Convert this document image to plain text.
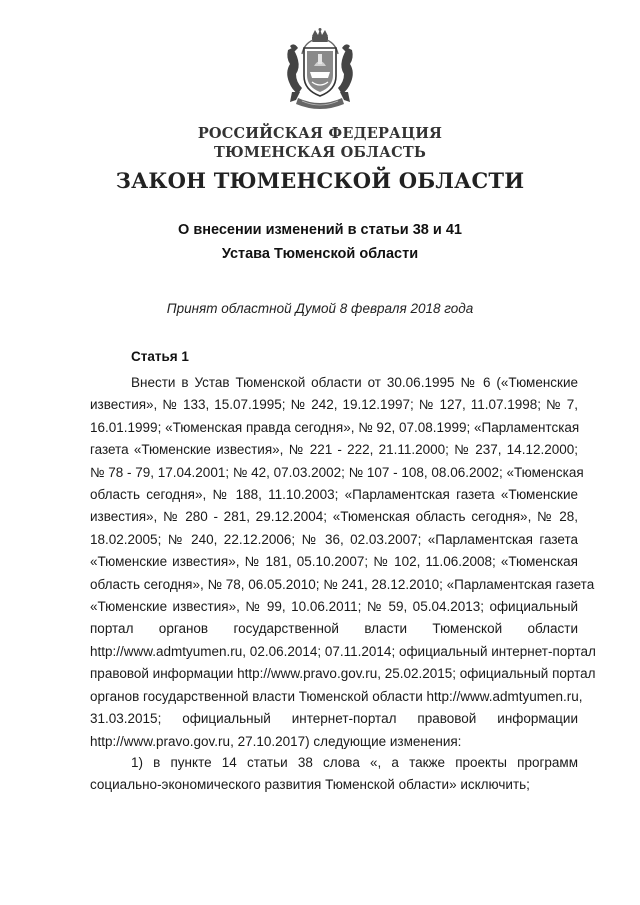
РОССИЙСКАЯ ФЕДЕРАЦИЯ
ТЮМЕНСКАЯ ОБЛАСТЬ
ЗАКОН ТЮМЕНСКОЙ ОБЛАСТИ
О внесении изменений в статьи 38 и 41
Устава Тюменской области
Принят областной Думой 8 февраля 2018 года
Статья 1
Внести в Устав Тюменской области от 30.06.1995 № 6 («Тюменские
известия», № 133, 15.07.1995; № 242, 19.12.1997; № 127, 11.07.1998; № 7,
16.01.1999; «Тюменская правда сегодня», № 92, 07.08.1999; «Парламентская
газета «Тюменские известия», № 221 - 222, 21.11.2000; № 237, 14.12.2000;
№ 78 - 79, 17.04.2001; № 42, 07.03.2002; № 107 - 108, 08.06.2002; «Тюменская
область сегодня», № 188, 11.10.2003; «Парламентская газета «Тюменские
известия», № 280 - 281, 29.12.2004; «Тюменская область сегодня», № 28,
18.02.2005; № 240, 22.12.2006; № 36, 02.03.2007; «Парламентская газета
«Тюменские известия», № 181, 05.10.2007; № 102, 11.06.2008; «Тюменская
область сегодня», № 78, 06.05.2010; № 241, 28.12.2010; «Парламентская газета
«Тюменские известия», № 99, 10.06.2011; № 59, 05.04.2013; официальный
портал органов государственной власти Тюменской области
http://www.admtyumen.ru, 02.06.2014; 07.11.2014; официальный интернет-портал
правовой информации http://www.pravo.gov.ru, 25.02.2015; официальный портал
органов государственной власти Тюменской области http://www.admtyumen.ru,
31.03.2015; официальный интернет-портал правовой информации
http://www.pravo.gov.ru, 27.10.2017) следующие изменения:
1) в пункте 14 статьи 38 слова «, а также проекты программ
социально-экономического развития Тюменской области» исключить;
